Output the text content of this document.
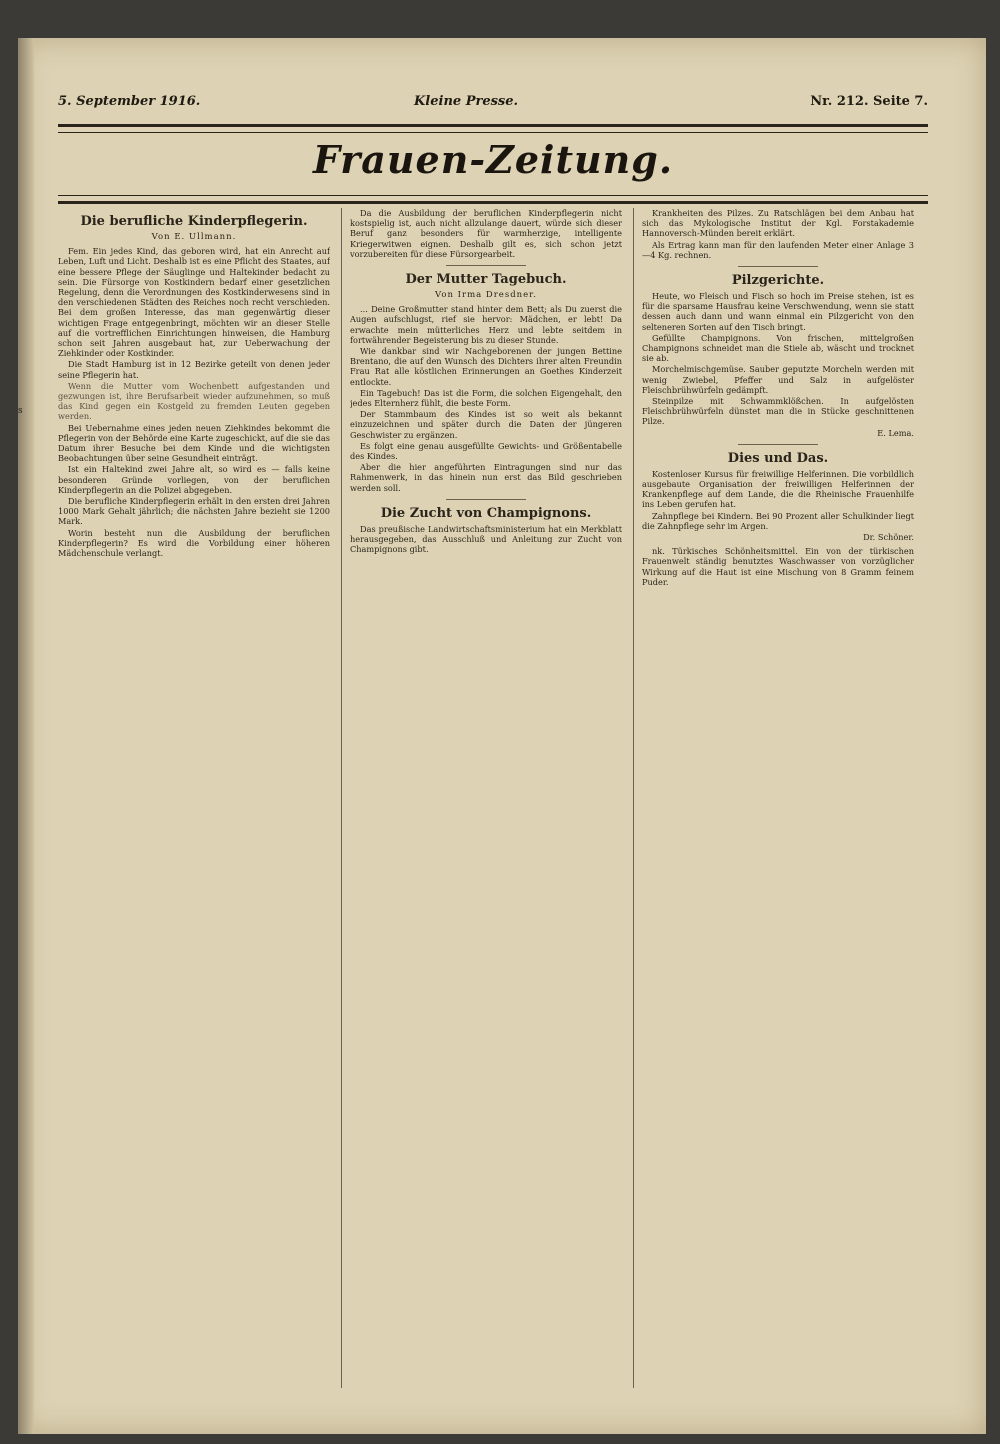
s
5. September 1916.	Kleine Presse.	Nr. 212. Seite 7.
Frauen-Zeitung.
Die berufliche Kinderpflegerin.
Von E. Ullmann.

Fem. Ein jedes Kind, das geboren wird, hat ein Anrecht auf Leben, Luft und Licht. Deshalb ist es eine Pflicht des Staates, auf eine bessere Pflege der Säuglinge und Haltekinder bedacht zu sein. Die Fürsorge von Kostkindern bedarf einer gesetzlichen Regelung, denn die Verordnungen des Kostkinderwesens sind in den verschiedenen Städten des Reiches noch recht verschieden. Bei dem großen Interesse, das man gegenwärtig dieser wichtigen Frage entgegenbringt, möchten wir an dieser Stelle auf die vortrefflichen Einrichtungen hinweisen, die Hamburg schon seit Jahren ausgebaut hat, zur Ueberwachung der Ziehkinder oder Kostkinder.

Die Stadt Hamburg ist in 12 Bezirke geteilt von denen jeder seine Pflegerin hat.

Wenn die Mutter vom Wochenbett aufgestanden und gezwungen ist, ihre Berufsarbeit wieder aufzunehmen, so muß das Kind gegen ein Kostgeld zu fremden Leuten gegeben werden.

Bei Uebernahme eines jeden neuen Ziehkindes bekommt die Pflegerin von der Behörde eine Karte zugeschickt, auf die sie das Datum ihrer Besuche bei dem Kinde und die wichtigsten Beobachtungen über seine Gesundheit einträgt.

Ist ein Haltekind zwei Jahre alt, so wird es — falls keine besonderen Gründe vorliegen, von der beruflichen Kinderpflegerin an die Polizei abgegeben.

Die berufliche Kinderpflegerin erhält in den ersten drei Jahren 1000 Mark Gehalt jährlich; die nächsten Jahre bezieht sie 1200 Mark.

Worin besteht nun die Ausbildung der beruflichen Kinderpflegerin? Es wird die Vorbildung einer höheren Mädchenschule verlangt.

Da die Ausbildung der beruflichen Kinderpflegerin nicht kostspielig ist, auch nicht allzulange dauert, würde sich dieser Beruf ganz besonders für warmherzige, intelligente Kriegerwitwen eignen. Deshalb gilt es, sich schon jetzt vorzubereiten für diese Fürsorgearbeit.

Der Mutter Tagebuch.
Von Irma Dresdner.

... Deine Großmutter stand hinter dem Bett; als Du zuerst die Augen aufschlugst, rief sie hervor: Mädchen, er lebt! Da erwachte mein mütterliches Herz und lebte seitdem in fortwährender Begeisterung bis zu dieser Stunde.

Wie dankbar sind wir Nachgeborenen der jungen Bettine Brentano, die auf den Wunsch des Dichters ihrer alten Freundin Frau Rat alle köstlichen Erinnerungen an Goethes Kinderzeit entlockte.

Ein Tagebuch! Das ist die Form, die solchen Eigengehalt, den jedes Elternherz fühlt, die beste Form.

Der Stammbaum des Kindes ist so weit als bekannt einzuzeichnen und später durch die Daten der jüngeren Geschwister zu ergänzen.

Es folgt eine genau ausgefüllte Gewichts- und Größentabelle des Kindes.

Aber die hier angeführten Eintragungen sind nur das Rahmenwerk, in das hinein nun erst das Bild geschrieben werden soll.

Die Zucht von Champignons.

Das preußische Landwirtschaftsministerium hat ein Merkblatt herausgegeben, das Ausschluß und Anleitung zur Zucht von Champignons gibt.

Krankheiten des Pilzes. Zu Ratschlägen bei dem Anbau hat sich das Mykologische Institut der Kgl. Forstakademie Hannoversch-Münden bereit erklärt.

Als Ertrag kann man für den laufenden Meter einer Anlage 3—4 Kg. rechnen.

Pilzgerichte.

Heute, wo Fleisch und Fisch so hoch im Preise stehen, ist es für die sparsame Hausfrau keine Verschwendung, wenn sie statt dessen auch dann und wann einmal ein Pilzgericht von den selteneren Sorten auf den Tisch bringt.

Gefüllte Champignons. Von frischen, mittelgroßen Champignons schneidet man die Stiele ab, wäscht und trocknet sie ab.

Morchelmischgemüse. Sauber geputzte Morcheln werden mit wenig Zwiebel, Pfeffer und Salz in aufgelöster Fleischbrühwürfeln gedämpft.

Steinpilze mit Schwammklößchen. In aufgelösten Fleischbrühwürfeln dünstet man die in Stücke geschnittenen Pilze.

E. Lema.
Dies und Das.

Kostenloser Kursus für freiwillige Helferinnen. Die vorbildlich ausgebaute Organisation der freiwilligen Helferinnen der Krankenpflege auf dem Lande, die die Rheinische Frauenhilfe ins Leben gerufen hat.

Zahnpflege bei Kindern. Bei 90 Prozent aller Schulkinder liegt die Zahnpflege sehr im Argen.

Dr. Schöner.

nk. Türkisches Schönheitsmittel. Ein von der türkischen Frauenwelt ständig benutztes Waschwasser von vorzüglicher Wirkung auf die Haut ist eine Mischung von 8 Gramm feinem Puder.
